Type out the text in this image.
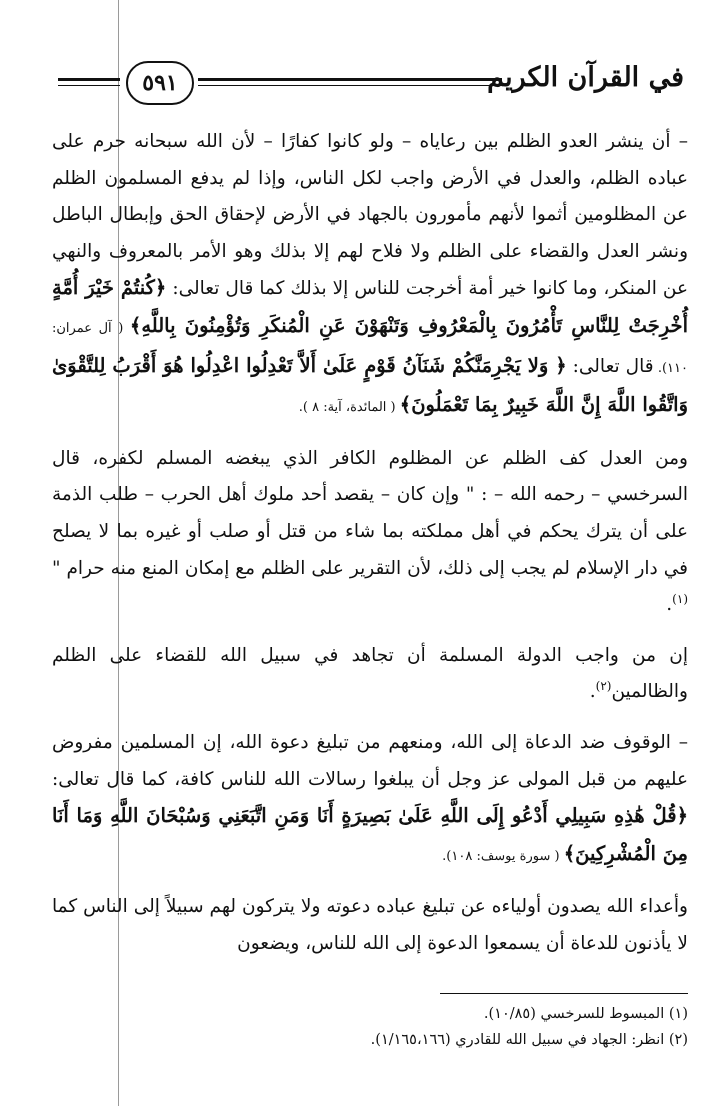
٥٩١	في القرآن الكريم

– أن ينشر العدو الظلم بين رعاياه – ولو كانوا كفارًا – لأن الله سبحانه حرم على عباده الظلم، والعدل في الأرض واجب لكل الناس، وإذا لم يدفع المسلمون الظلم عن المظلومين أثموا لأنهم مأمورون بالجهاد في الأرض لإحقاق الحق وإبطال الباطل ونشر العدل والقضاء على الظلم ولا فلاح لهم إلا بذلك وهو الأمر بالمعروف والنهي عن المنكر، وما كانوا خير أمة أخرجت للناس إلا بذلك كما قال تعالى: ﴿كُنتُمْ خَيْرَ أُمَّةٍ أُخْرِجَتْ لِلنَّاسِ تَأْمُرُونَ بِالْمَعْرُوفِ وَتَنْهَوْنَ عَنِ الْمُنكَرِ وَتُؤْمِنُونَ بِاللَّهِ﴾ ( آل عمران: ١١٠). قال تعالى: ﴿ وَلا يَجْرِمَنَّكُمْ شَنَآنُ قَوْمٍ عَلَىٰ أَلاَّ تَعْدِلُوا اعْدِلُوا هُوَ أَقْرَبُ لِلتَّقْوَىٰ وَاتَّقُوا اللَّهَ إِنَّ اللَّهَ خَبِيرٌ بِمَا تَعْمَلُونَ﴾ ( المائدة، آية: ٨ ).

ومن العدل كف الظلم عن المظلوم الكافر الذي يبغضه المسلم لكفره، قال السرخسي – رحمه الله – : " وإن كان – يقصد أحد ملوك أهل الحرب – طلب الذمة على أن يترك يحكم في أهل مملكته بما شاء من قتل أو صلب أو غيره بما لا يصلح في دار الإسلام لم يجب إلى ذلك، لأن التقرير على الظلم مع إمكان المنع منه حرام "$^{(١)}$.

إن من واجب الدولة المسلمة أن تجاهد في سبيل الله للقضاء على الظلم والظالمين$^{(٢)}$.

– الوقوف ضد الدعاة إلى الله، ومنعهم من تبليغ دعوة الله، إن المسلمين مفروض عليهم من قبل المولى عز وجل أن يبلغوا رسالات الله للناس كافة، كما قال تعالى: ﴿قُلْ هَٰذِهِ سَبِيلِي أَدْعُو إِلَى اللَّهِ عَلَىٰ بَصِيرَةٍ أَنَا وَمَنِ اتَّبَعَنِي وَسُبْحَانَ اللَّهِ وَمَا أَنَا مِنَ الْمُشْرِكِينَ﴾ ( سورة يوسف: ١٠٨).

وأعداء الله يصدون أولياءه عن تبليغ عباده دعوته ولا يتركون لهم سبيلاً إلى الناس كما لا يأذنون للدعاة أن يسمعوا الدعوة إلى الله للناس، ويضعون

(١) المبسوط للسرخسي (١٠/٨٥).
(٢) انظر: الجهاد في سبيل الله للقادري (١/١٦٥،١٦٦).
